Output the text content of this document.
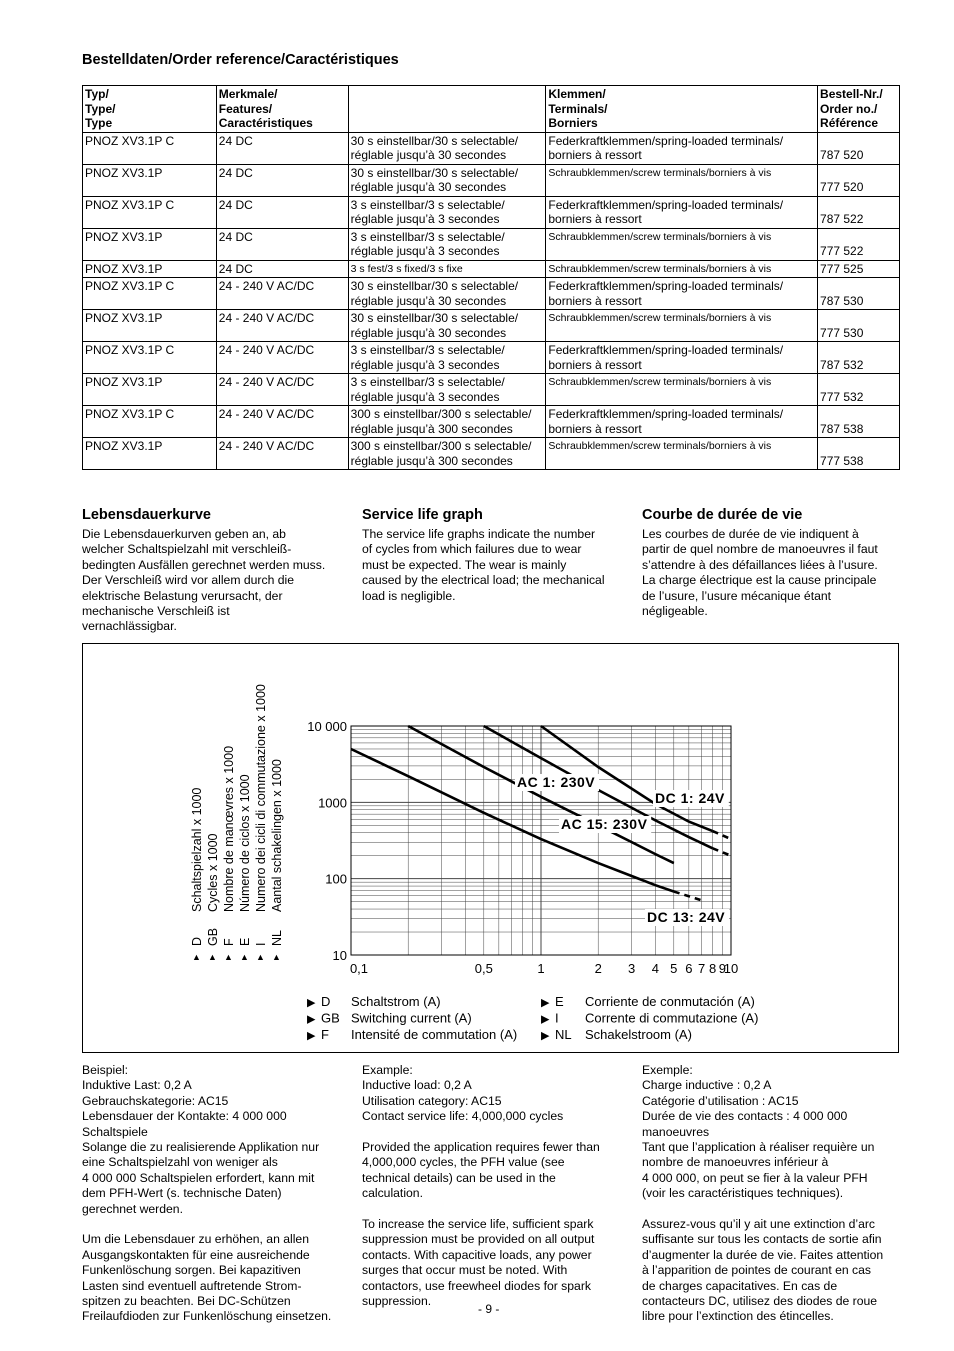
Bestelldaten/Order reference/Caractéristiques
Typ/
Type/
Type	Merkmale/
Features/
Caractéristiques		Klemmen/
Terminals/
Borniers	Bestell-Nr./
Order no./
Référence
PNOZ XV3.1P C	24 DC	30 s einstellbar/30 s selectable/
réglable jusqu’à 30 secondes	Federkraftklemmen/spring-loaded terminals/
borniers à ressort	787 520
PNOZ XV3.1P	24 DC	30 s einstellbar/30 s selectable/
réglable jusqu’à 30 secondes	Schraubklemmen/screw terminals/borniers à vis	777 520
PNOZ XV3.1P C	24 DC	3 s einstellbar/3 s selectable/
réglable jusqu’à 3 secondes	Federkraftklemmen/spring-loaded terminals/
borniers à ressort	787 522
PNOZ XV3.1P	24 DC	3 s einstellbar/3 s selectable/
réglable jusqu’à 3 secondes	Schraubklemmen/screw terminals/borniers à vis	777 522
PNOZ XV3.1P	24 DC	3 s fest/3 s fixed/3 s fixe	Schraubklemmen/screw terminals/borniers à vis	777 525
PNOZ XV3.1P C	24 - 240 V AC/DC	30 s einstellbar/30 s selectable/
réglable jusqu’à 30 secondes	Federkraftklemmen/spring-loaded terminals/
borniers à ressort	787 530
PNOZ XV3.1P	24 - 240 V AC/DC	30 s einstellbar/30 s selectable/
réglable jusqu’à 30 secondes	Schraubklemmen/screw terminals/borniers à vis	777 530
PNOZ XV3.1P C	24 - 240 V AC/DC	3 s einstellbar/3 s selectable/
réglable jusqu’à 3 secondes	Federkraftklemmen/spring-loaded terminals/
borniers à ressort	787 532
PNOZ XV3.1P	24 - 240 V AC/DC	3 s einstellbar/3 s selectable/
réglable jusqu’à 3 secondes	Schraubklemmen/screw terminals/borniers à vis	777 532
PNOZ XV3.1P C	24 - 240 V AC/DC	300 s einstellbar/300 s selectable/
réglable jusqu’à 300 secondes	Federkraftklemmen/spring-loaded terminals/
borniers à ressort	787 538
PNOZ XV3.1P	24 - 240 V AC/DC	300 s einstellbar/300 s selectable/
réglable jusqu’à 300 secondes	Schraubklemmen/screw terminals/borniers à vis	777 538
Lebensdauerkurve	Service life graph	Courbe de durée de vie
Die Lebensdauerkurven geben an, ab
welcher Schaltspielzahl mit verschleiß-
bedingten Ausfällen gerechnet werden muss.
Der Verschleiß wird vor allem durch die
elektrische Belastung verursacht, der
mechanische Verschleiß ist
vernachlässigbar.
The service life graphs indicate the number
of cycles from which failures due to wear
must be expected. The wear is mainly
caused by the electrical load; the mechanical
load is negligible.
Les courbes de durée de vie indiquent à
partir de quel nombre de manoeuvres il faut
s’attendre à des défaillances liées à l’usure.
La charge électrique est la cause principale
de l’usure, l’usure mécanique étant
négligeable.
10
100
1000
10 000
0,1	0,5	1	2 3 4 5 6 7 8 9
10
DC 1: 24V
AC 1: 230V
AC 15: 230V
DC 13: 24V
Schaltspielzahl x 1000
D
▲
Cycles x 1000
GB
▲
Nombre de manœvres x 1000
F
▲
Número de ciclos x 1000
E
▲
Numero dei cicli di commutazione x 1000
I
▲
Aantal schakelingen x 1000
NL
▲
▶ D Schaltstrom (A)
▶ GB Switching current (A)
▶ F Intensité de commutation (A)
▶ E Corriente de conmutación (A)
▶ I Corrente di commutazione (A)
▶ NL Schakelstroom (A)

Beispiel:
Induktive Last: 0,2 A
Gebrauchskategorie: AC15
Lebensdauer der Kontakte: 4 000 000
Schaltspiele
Solange die zu realisierende Applikation nur
eine Schaltspielzahl von weniger als
4 000 000 Schaltspielen erfordert, kann mit
dem PFH-Wert (s. technische Daten)
gerechnet werden.

Um die Lebensdauer zu erhöhen, an allen
Ausgangskontakten für eine ausreichende
Funkenlöschung sorgen. Bei kapazitiven
Lasten sind eventuell auftretende Strom-
spitzen zu beachten. Bei DC-Schützen
Freilaufdioden zur Funkenlöschung einsetzen.

Example:
Inductive load: 0,2 A
Utilisation category: AC15
Contact service life: 4,000,000 cycles

Provided the application requires fewer than
4,000,000 cycles, the PFH value (see
technical details) can be used in the
calculation.

To increase the service life, sufficient spark
suppression must be provided on all output
contacts. With capacitive loads, any power
surges that occur must be noted. With
contactors, use freewheel diodes for spark
suppression.

Exemple:
Charge inductive : 0,2 A
Catégorie d’utilisation : AC15
Durée de vie des contacts : 4 000 000
manoeuvres
Tant que l’application à réaliser requière un
nombre de manoeuvres inférieur à
4 000 000, on peut se fier à la valeur PFH
(voir les caractéristiques techniques).

Assurez-vous qu’il y ait une extinction d’arc
suffisante sur tous les contacts de sortie afin
d’augmenter la durée de vie. Faites attention
à l’apparition de pointes de courant en cas
de charges capacitatives. En cas de
contacteurs DC, utilisez des diodes de roue
libre pour l’extinction des étincelles.

- 9 -
